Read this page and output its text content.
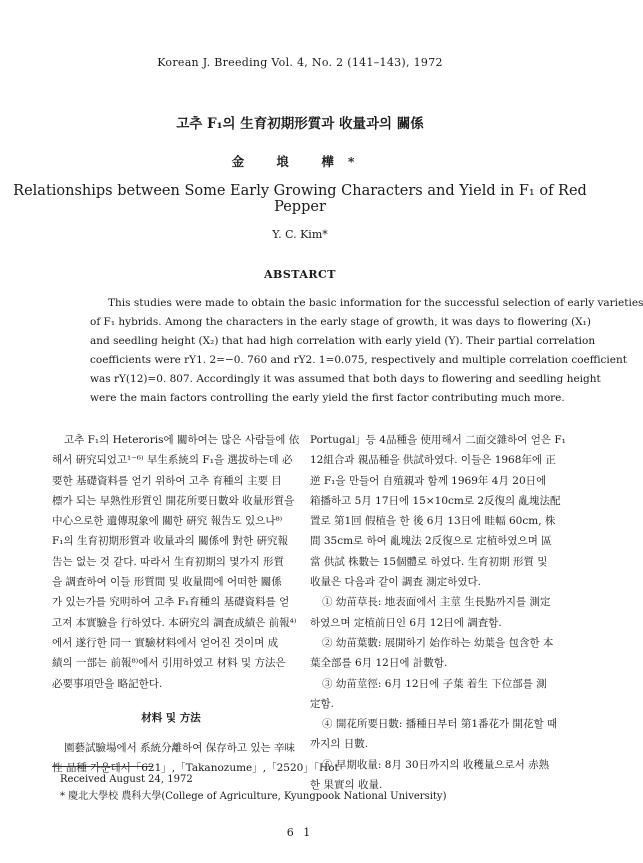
Korean J. Breeding Vol. 4, No. 2 (141–143), 1972
고추 F₁의 生育初期形質과 收量과의 關係
金 埌 樺*
Relationships between Some Early Growing Characters and Yield in F₁ of Red Pepper
Y. C. Kim*
ABSTARCT
This studies were made to obtain the basic information for the successful selection of early varieties
of F₁ hybrids. Among the characters in the early stage of growth, it was days to flowering (X₁)
and seedling height (X₂) that had high correlation with early yield (Y). Their partial correlation
coefficients were rY1. 2=−0. 760 and rY2. 1=0.075, respectively and multiple correlation coefficient
was rY(12)=0. 807. Accordingly it was assumed that both days to flowering and seedling height
were the main factors controlling the early yield the first factor contributing much more.
고추 F₁의 Heteroris에 關하여는 많은 사람들에 依
해서 硏究되었고¹⁻⁶⁾ 早生系統의 F₁을 選拔하는데 必
要한 基礎資料를 얻기 위하여 고추 育種의 主要 目
標가 되는 早熟性形質인 開花所要日數와 收量形質을
中心으로한 遺傳現象에 關한 硏究 報告도 있으나⁸⁾
F₁의 生育初期形質과 收量과의 關係에 對한 硏究報
告는 없는 것 같다. 따라서 生育初期의 몇가지 形質
을 調査하여 이들 形質間 및 收量間에 어떠한 關係
가 있는가를 究明하여 고추 F₁育種의 基礎資料를 얻
고져 本實驗을 行하였다. 本硏究의 調査成績은 前報⁴⁾
에서 遂行한 同一 實驗材料에서 얻어진 것이며 成
績의 一部는 前報⁸⁾에서 引用하였고 材料 및 方法은
必要事項만을 略記한다.
材料 및 方法
園藝試驗場에서 系統分離하여 保存하고 있는 辛味
性 品種 가운데서「621」,「Takanozume」,「2520」「Hot
Portugal」등 4品種을 使用해서 二面交雜하여 얻은 F₁
12組合과 親品種을 供試하였다. 이들은 1968年에 正
逆 F₁을 만들어 自殖親과 함께 1969年 4月 20日에
箱播하고 5月 17日에 15×10cm로 2反復의 亂塊法配
置로 第1回 假植을 한 後 6月 13日에 畦幅 60cm, 株
間 35cm로 하여 亂塊法 2反復으로 定植하였으며 區
當 供試 株數는 15個體로 하였다. 生育初期 形質 및
收量은 다음과 같이 調査 測定하였다.
① 幼苗草長: 地表面에서 主莖 生長點까지를 測定
하였으며 定植前日인 6月 12日에 調査함.
② 幼苗葉數: 展開하기 始作하는 幼葉을 包含한 本
葉全部를 6月 12日에 計數함.
③ 幼苗莖徑: 6月 12日에 子葉 着生 下位部를 測
定함.
④ 開花所要日數: 播種日부터 第1番花가 開花할 때
까지의 日數.
⑤ 早期收量: 8月 30日까지의 收穫量으로서 赤熟
한 果實의 收量.
Received August 24, 1972
* 慶北大學校 農科大學(College of Agriculture, Kyungpook National University)
6 1
